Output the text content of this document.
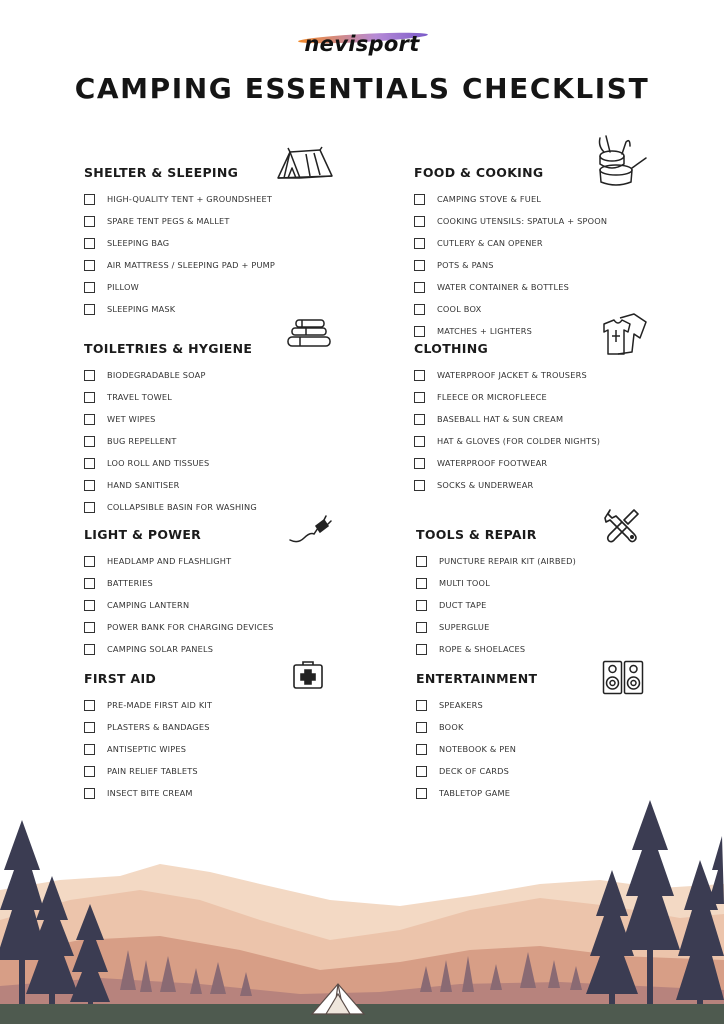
nevisport
CAMPING ESSENTIALS CHECKLIST
SHELTER & SLEEPING
HIGH-QUALITY TENT + GROUNDSHEET
SPARE TENT PEGS & MALLET
SLEEPING BAG
AIR MATTRESS / SLEEPING PAD + PUMP
PILLOW
SLEEPING MASK
FOOD & COOKING
CAMPING STOVE & FUEL
COOKING UTENSILS: SPATULA + SPOON
CUTLERY & CAN OPENER
POTS & PANS
WATER CONTAINER & BOTTLES
COOL BOX
MATCHES + LIGHTERS
TOILETRIES & HYGIENE
BIODEGRADABLE SOAP
TRAVEL TOWEL
WET WIPES
BUG REPELLENT
LOO ROLL AND TISSUES
HAND SANITISER
COLLAPSIBLE BASIN FOR WASHING
CLOTHING
WATERPROOF JACKET & TROUSERS
FLEECE OR MICROFLEECE
BASEBALL HAT & SUN CREAM
HAT & GLOVES (FOR COLDER NIGHTS)
WATERPROOF FOOTWEAR
SOCKS & UNDERWEAR
LIGHT & POWER
HEADLAMP AND FLASHLIGHT
BATTERIES
CAMPING LANTERN
POWER BANK FOR CHARGING DEVICES
CAMPING SOLAR PANELS
TOOLS & REPAIR
PUNCTURE REPAIR KIT (AIRBED)
MULTI TOOL
DUCT TAPE
SUPERGLUE
ROPE & SHOELACES
FIRST AID
PRE-MADE FIRST AID KIT
PLASTERS & BANDAGES
ANTISEPTIC WIPES
PAIN RELIEF TABLETS
INSECT BITE CREAM
ENTERTAINMENT
SPEAKERS
BOOK
NOTEBOOK & PEN
DECK OF CARDS
TABLETOP GAME
